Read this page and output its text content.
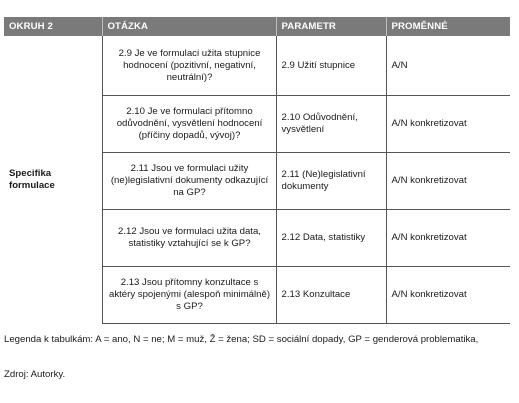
OKRUH 2	OTÁZKA	PARAMETR	PROMĚNNÉ
Specifika formulace	2.9 Je ve formulaci užita stupnice hodnocení (pozitivní, negativní, neutrální)?	2.9 Užití stupnice	A/N
	2.10 Je ve formulaci přítomno odůvodnění, vysvětlení hodnocení (příčiny dopadů, vývoj)?	2.10 Odůvodnění, vysvětlení	A/N konkretizovat
	2.11 Jsou ve formulaci užity (ne)legislativní dokumenty odkazující na GP?	2.11 (Ne)legislativní dokumenty	A/N konkretizovat
	2.12 Jsou ve formulaci užita data, statistiky vztahující se k GP?	2.12 Data, statistiky	A/N konkretizovat
	2.13 Jsou přítomny konzultace s aktéry spojenými (alespoň minimálně) s GP?	2.13 Konzultace	A/N konkretizovat

Legenda k tabulkám: A = ano, N = ne; M = muž, Ž = žena; SD = sociální dopady, GP = genderová problematika,

Zdroj: Autorky.
